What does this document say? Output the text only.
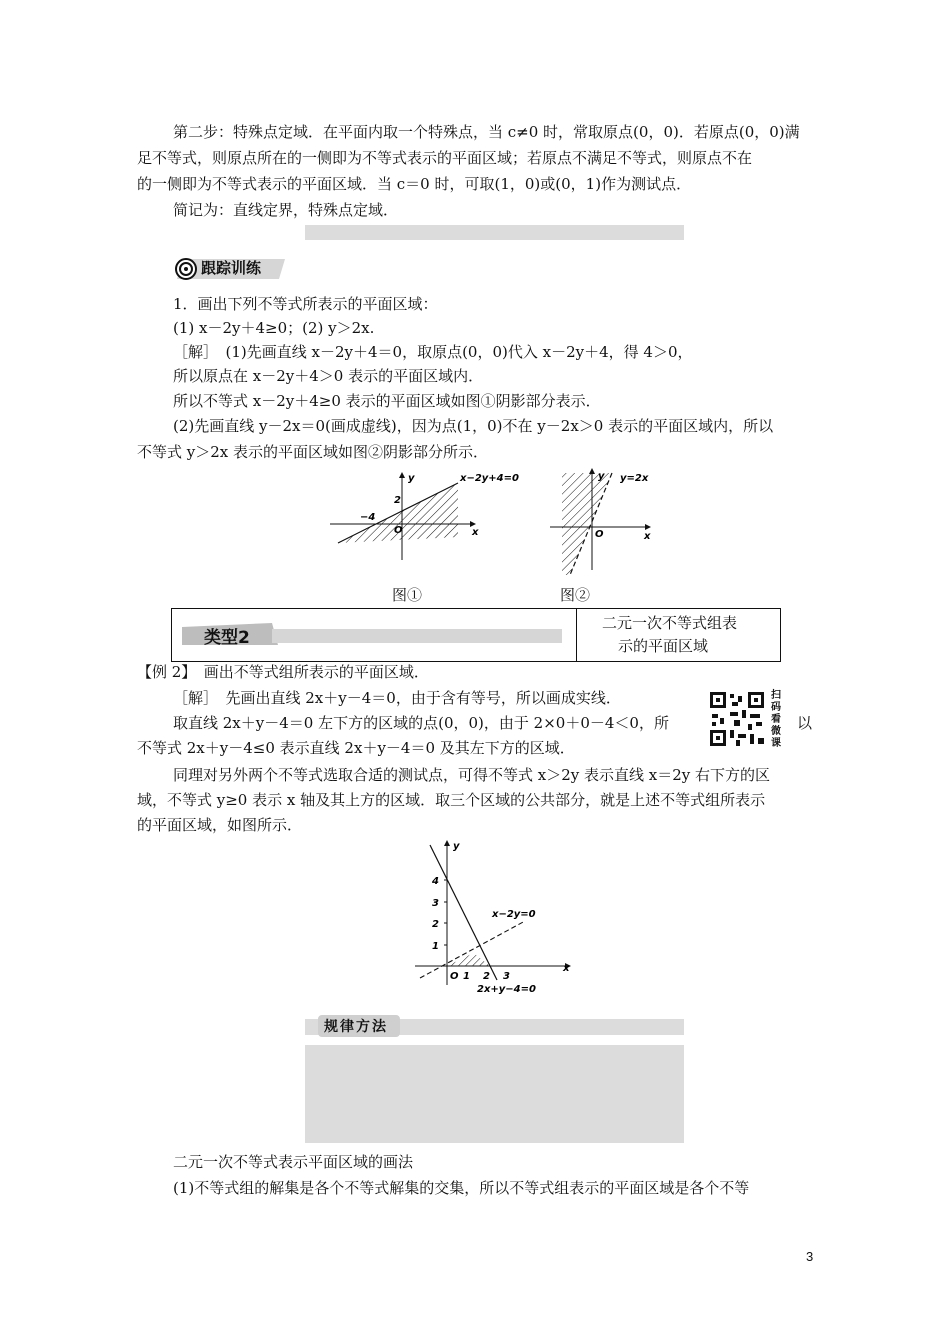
第二步：特殊点定域．在平面内取一个特殊点，当 c≠0 时，常取原点(0，0)．若原点(0，0)满
足不等式，则原点所在的一侧即为不等式表示的平面区域；若原点不满足不等式，则原点不在
的一侧即为不等式表示的平面区域．当 c＝0 时，可取(1，0)或(0，1)作为测试点．
简记为：直线定界，特殊点定域．
跟踪训练
1．画出下列不等式所表示的平面区域：
(1) x－2y＋4≥0；(2) y＞2x.
［解］　(1)先画直线 x－2y＋4＝0，取原点(0，0)代入 x－2y＋4，得 4＞0，
所以原点在 x－2y＋4＞0 表示的平面区域内．
所以不等式 x－2y＋4≥0 表示的平面区域如图①阴影部分表示．
(2)先画直线 y－2x＝0(画成虚线)，因为点(1，0)不在 y－2x＞0 表示的平面区域内，所以
不等式 y＞2x 表示的平面区域如图②阴影部分所示．
x−2y+4=0
y
x
O
2
−4
y=2x
y
x
O
图①	图②
类型2
二元一次不等式组表
示的平面区域
【例 2】　画出不等式组所表示的平面区域．
［解］　先画出直线 2x＋y－4＝0，由于含有等号，所以画成实线．
取直线 2x＋y－4＝0 左下方的区域的点(0，0)，由于 2×0＋0－4＜0，所	以
不等式 2x＋y－4≤0 表示直线 2x＋y－4＝0 及其左下方的区域．
扫
码
看
微
课
同理对另外两个不等式选取合适的测试点，可得不等式 x＞2y 表示直线 x＝2y 右下方的区
域，不等式 y≥0 表示 x 轴及其上方的区域．取三个区域的公共部分，就是上述不等式组所表示
的平面区域，如图所示．
y
x
4
3
2
1
O 1 2 3
x−2y=0
2x+y−4=0
规律方法
二元一次不等式表示平面区域的画法
(1)不等式组的解集是各个不等式解集的交集，所以不等式组表示的平面区域是各个不等
3
